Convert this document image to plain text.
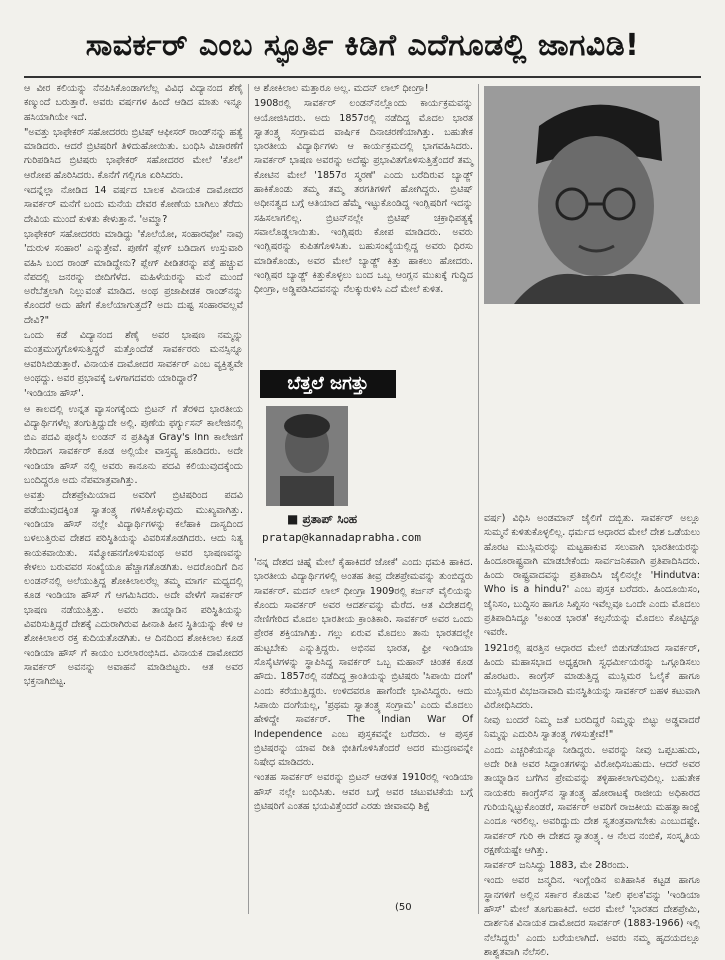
ಸಾವರ್ಕರ್ ಎಂಬ ಸ್ಫೂರ್ತಿ ಕಿಡಿಗೆ ಎದೆಗೂಡಲ್ಲಿ ಜಾಗವಿಡಿ!

ಆ ವೀರ ಕಲಿಯನ್ನು ನೆನಪಿಸಿಕೊಂಡಾಗಲೆಲ್ಲ ವಿವಿಧ ವಿದ್ಯಾನಂದ ಶೆಣೈ ಕಣ್ಮುಂದೆ ಬರುತ್ತಾರೆ. ಅವರು ವರ್ಷಗಳ ಹಿಂದೆ ಆಡಿದ ಮಾತು ಇನ್ನೂ ಹಸಿಯಾಗಿಯೇ ಇದೆ.

"ಅವತ್ತು ಭಾಫೇಕರ್ ಸಹೋದರರು ಬ್ರಿಟಿಷ್ ಆಫೀಸರ್ ರಾಂಡ್‌ನನ್ನು ಹತ್ಯೆ ಮಾಡಿದರು. ಆದರೆ ಬ್ರಿಟಿಷರಿಗೆ ತಿಳಿದುಹೋಯಿತು. ಬಂಧಿಸಿ ವಿಚಾರಣೆಗೆ ಗುರಿಪಡಿಸಿದ ಬ್ರಿಟಿಷರು ಭಾಫೇಕರ್ ಸಹೋದರರ ಮೇಲೆ 'ಕೊಲೆ' ಆರೋಪ ಹೊರಿಸಿದರು. ಕೊನೆಗೆ ಗಲ್ಲಿಗೂ ಏರಿಸಿದರು.

ಇದನ್ನೆಲ್ಲಾ ನೋಡಿದ 14 ವರ್ಷದ ಬಾಲಕ ವಿನಾಯಕ ದಾಮೋದರ ಸಾವರ್ಕರ್ ಮನೆಗೆ ಬಂದು ಮನೆಯ ದೇವರ ಕೋಣೆಯ ಬಾಗಿಲು ತೆರೆದು ದೇವಿಯ ಮುಂದೆ ಕುಳಿತು ಕೇಳುತ್ತಾನೆ. 'ಅಮ್ಮಾ?

ಭಾಫೇಕರ್ ಸಹೋದರರು ಮಾಡಿದ್ದು 'ಕೊಲೆಯೋ, ಸಂಹಾರವೋ' ನಾವು 'ದುರುಳ ಸಂಹಾರ' ಎನ್ನುತ್ತೇವೆ. ಪುಣೆಗೆ ಪ್ಲೇಗ್ ಬಡಿದಾಗ ಉಸ್ತುವಾರಿ ವಹಿಸಿ ಬಂದ ರಾಂಡ್ ಮಾಡಿದ್ದೇನು? ಪ್ಲೇಗ್ ಪೀಡಿತರನ್ನು ಪತ್ತೆ ಹಚ್ಚುವ ನೆಪದಲ್ಲಿ ಜನರನ್ನು ಬೀದಿಗೆಳೆದ. ಮಹಿಳೆಯರನ್ನು ಮನೆ ಮುಂದೆ ಅರೆಬೆತ್ತಲಾಗಿ ನಿಲ್ಲುವಂತೆ ಮಾಡಿದ. ಅಂಥ ಪ್ರಜಾಪೀಡಕ ರಾಂಡ್‌ನನ್ನು ಕೊಂದರೆ ಅದು ಹೇಗೆ ಕೊಲೆಯಾಗುತ್ತದೆ? ಅದು ದುಷ್ಟ ಸಂಹಾರವಲ್ಲವೆ ದೇವಿ?"

ಒಂದು ಕಡೆ ವಿದ್ಯಾನಂದ ಶೆಣೈ ಅವರ ಭಾಷಣ ನಮ್ಮನ್ನು ಮಂತ್ರಮುಗ್ಧಗೊಳಿಸುತ್ತಿದ್ದರೆ ಮತ್ತೊಂದೆಡೆ ಸಾವರ್ಕರರು ಮನಸ್ಸಿನ್ನೂ ಆವರಿಸಿಬಿಡುತ್ತಾರೆ. ವಿನಾಯಕ ದಾಮೋದರ ಸಾವರ್ಕರ್ ಎಂಬ ವ್ಯಕ್ತಿತ್ವವೇ ಅಂಥದ್ದು. ಅವರ ಪ್ರಭಾವಕ್ಕೆ ಒಳಗಾಗದವರು ಯಾರಿದ್ದಾರೆ?

'ಇಂಡಿಯಾ ಹೌಸ್'.

ಆ ಕಾಲದಲ್ಲಿ ಉನ್ನತ ವ್ಯಾಸಂಗಕ್ಕೆಂದು ಬ್ರಿಟನ್ ಗೆ ತೆರಳಿದ ಭಾರತೀಯ ವಿದ್ಯಾರ್ಥಿಗಳೆಲ್ಲ ತಂಗುತ್ತಿದ್ದುದೇ ಅಲ್ಲಿ. ಪುಣೆಯ ಫರ್ಗ್ಯುಸನ್ ಕಾಲೇಜಿನಲ್ಲಿ ಬಿಎ ಪದವಿ ಪೂರೈಸಿ ಲಂಡನ್ ನ ಪ್ರತಿಷ್ಠಿತ Gray's Inn ಕಾಲೇಜಿಗೆ ಸೇರಿದಾಗ ಸಾವರ್ಕರ್ ಕೂಡ ಅಲ್ಲಿಯೇ ವಾಸ್ತವ್ಯ ಹೂಡಿದರು. ಅದೇ ಇಂಡಿಯಾ ಹೌಸ್ ನಲ್ಲಿ ಅವರು ಕಾನೂನು ಪದವಿ ಕಲಿಯುವುದಕ್ಕೆಂದು ಬಂದಿದ್ದರೂ ಅದು ನೆಪಮಾತ್ರವಾಗಿತ್ತು.

ಅವತ್ತು ದೇಶಪ್ರೇಮಿಯಾದ ಅವರಿಗೆ ಬ್ರಿಟಿಷರಿಂದ ಪದವಿ ಪಡೆಯುವುದಕ್ಕಿಂತ ಸ್ವಾತಂತ್ರ್ಯ ಗಳಿಸಿಕೊಳ್ಳುವುದು ಮುಖ್ಯವಾಗಿತ್ತು. ಇಂಡಿಯಾ ಹೌಸ್ ನಲ್ಲೇ ವಿದ್ಯಾರ್ಥಿಗಳನ್ನು ಕಲೆಹಾಕಿ ದಾಸ್ಯದಿಂದ ಬಳಲುತ್ತಿರುವ ದೇಶದ ಪರಿಸ್ಥಿತಿಯನ್ನು ವಿವರಿಸತೊಡಗಿದರು. ಆದು ನಿತ್ಯ ಕಾಯಕವಾಯಿತು. ಸಮ್ಮೋಹನಗೊಳಿಸುವಂಥ ಅವರ ಭಾಷಣವನ್ನು ಕೇಳಲು ಬರುವವರ ಸಂಖ್ಯೆಯೂ ಹೆಚ್ಚಾಗತೊಡಗಿತು. ಅದರೊಂದಿಗೆ ದಿನ ಲಂಡನ್‌ನಲ್ಲಿ ಅಲೆಯುತ್ತಿದ್ದ ಶೋಕಿಲಾಲರೆಲ್ಲ ತಮ್ಮ ಮಾರ್ಗ ಮಧ್ಯದಲ್ಲಿ ಕೂಡ ಇಂಡಿಯಾ ಹೌಸ್ ಗೆ ಆಗಮಿಸಿದರು. ಅದೇ ವೇಳೆಗೆ ಸಾವರ್ಕರ್ ಭಾಷಣ ನಡೆಯುತ್ತಿತ್ತು. ಅವರು ತಾಯ್ನಾಡಿನ ಪರಿಸ್ಥಿತಿಯನ್ನು ವಿವರಿಸುತ್ತಿದ್ದರೆ ದೇಶಕ್ಕೆ ಎದುರಾಗಿರುವ ಹೀನಾತಿ ಹೀನ ಸ್ಥಿತಿಯನ್ನು ಕೇಳಿ ಆ ಶೋಕಿಲಾಲರ ರಕ್ತ ಕುದಿಯತೊಡಗಿತು. ಆ ದಿನದಿಂದ ಶೋಕಿಲಾಲ ಕೂಡ ಇಂಡಿಯಾ ಹೌಸ್ ಗೆ ಕಾಯಂ ಬರಲಾರಂಭಿಸಿದ. ವಿನಾಯಕ ದಾಮೋದರ ಸಾವರ್ಕರ್ ಅವನನ್ನು ಅವಾಹನೆ ಮಾಡಿಬಿಟ್ಟರು. ಆತ ಅವರ ಭಕ್ತನಾಗಿಬಿಟ್ಟ.

ಆ ಶೋಕಿಲಾಲ ಮತ್ತಾರೂ ಅಲ್ಲ. ಮದನ್ ಲಾಲ್ ಧೀಂಗ್ರಾ!

1908ರಲ್ಲಿ ಸಾವರ್ಕರ್ ಲಂಡನ್‌ನಲ್ಲೊಂದು ಕಾರ್ಯಕ್ರಮವನ್ನು ಆಯೋಜಿಸಿದರು. ಅದು 1857ರಲ್ಲಿ ನಡೆದಿದ್ದ ಮೊದಲ ಭಾರತ ಸ್ವಾತಂತ್ರ್ಯ ಸಂಗ್ರಾಮದ ವಾರ್ಷಿಕ ದಿನಾಚರಣೆಯಾಗಿತ್ತು. ಬಹುತೇಕ ಭಾರತೀಯ ವಿದ್ಯಾರ್ಥಿಗಳು ಆ ಕಾರ್ಯಕ್ರಮದಲ್ಲಿ ಭಾಗವಹಿಸಿದರು. ಸಾವರ್ಕರ್ ಭಾಷಣ ಅವರನ್ನು ಅದೆಷ್ಟು ಪ್ರಭಾವಿತಗೊಳಿಸುತ್ತಿತ್ತೆಂದರೆ ತಮ್ಮ ಕೋಟಿನ ಮೇಲೆ '1857ರ ಸ್ಮರಣೆ' ಎಂದು ಬರೆದಿರುವ ಬ್ಯಾಡ್ಜ್ ಹಾಕಿಕೊಂಡು ತಮ್ಮ ತಮ್ಮ ತರಗತಿಗಳಿಗೆ ಹೋಗಿದ್ದರು. ಬ್ರಿಟಿಷ್ ಅಧೀನತ್ವದ ಬಗ್ಗೆ ಆತಿಯಾದ ಹೆಮ್ಮೆ ಇಟ್ಟುಕೊಂಡಿದ್ದ ಇಂಗ್ಲಿಷರಿಗೆ ಇದನ್ನು ಸಹಿಸಲಾಗಲಿಲ್ಲ. ಬ್ರಿಟನ್‌ನಲ್ಲೇ ಬ್ರಿಟಿಷ್ ಚಕ್ರಾಧಿಪತ್ಯಕ್ಕೆ ಸವಾಲೊಡ್ಡಲಾಯಿತು. ಇಂಗ್ಲಿಷರು ಕೋಪ ಮಾಡಿದರು. ಅವರು ಇಂಗ್ಲಿಷರನ್ನು ಕುಪಿತಗೊಳಿಸಿತು. ಬಹುಸಂಖ್ಯೆಯಲ್ಲಿದ್ದ ಅವರು ಧಿರಸು ಮಾಡಿಕೊಂಡು, ಅವರ ಮೇಲೆ ಬ್ಯಾಡ್ಜ್ ಕಿತ್ತು ಹಾಕಲು ಹೋದರು. ಇಂಗ್ಲಿಷರ ಬ್ಯಾಡ್ಜ್ ಕಿತ್ತುಕೊಳ್ಳಲು ಬಂದ ಒಬ್ಬ ಆಂಗ್ಲನ ಮುಖಕ್ಕೆ ಗುದ್ದಿದ ಧೀಂಗ್ರಾ, ಅಡ್ಡಿಪಡಿಸಿದವನನ್ನು ನೆಲಕ್ಕುರುಳಿಸಿ ಎದೆ ಮೇಲೆ ಕುಳಿತ.

ಬೆತ್ತಲೆ ಜಗತ್ತು
■ ಪ್ರತಾಪ್ ಸಿಂಹ
pratap@kannadaprabha.com

'ನನ್ನ ದೇಶದ ಚಿಹ್ನೆ ಮೇಲೆ ಕೈಹಾಕಿದರೆ ಜೋಕೆ' ಎಂದು ಧಮಕಿ ಹಾಕಿದ. ಭಾರತೀಯ ವಿದ್ಯಾರ್ಥಿಗಳಲ್ಲಿ ಅಂತಹ ತೀವ್ರ ದೇಶಪ್ರೇಮವನ್ನು ತುಂಬಿದ್ದರು ಸಾವರ್ಕರ್. ಮದನ್ ಲಾಲ್ ಧೀಂಗ್ರಾ 1909ರಲ್ಲಿ ಕರ್ಜನ್ ವೈಲಿಯನ್ನು ಕೊಂದು ಸಾವರ್ಕರ್ ಅವರ ಆದರ್ಶವನ್ನು ಮೆರೆದ. ಆತ ವಿದೇಶದಲ್ಲಿ ನೇಣಿಗೇರಿದ ಮೊದಲ ಭಾರತೀಯ ಕ್ರಾಂತಿಕಾರಿ. ಸಾವರ್ಕರ್ ಅವರ ಒಂದು ಪ್ರೇರಕ ಶಕ್ತಿಯಾಗಿತ್ತು. ಗಲ್ಲು ಏರುವ ಮೊದಲು ತಾನು ಭಾರತದಲ್ಲೇ ಹುಟ್ಟಬೇಕು ಎನ್ನುತ್ತಿದ್ದರು. ಅಭಿನವ ಭಾರತ, ಫ್ರೀ ಇಂಡಿಯಾ ಸೊಸೈಟಿಗಳನ್ನು ಸ್ಥಾಪಿಸಿದ್ದ ಸಾವರ್ಕರ್ ಒಬ್ಬ ಮಹಾನ್ ಚಿಂತಕ ಕೂಡ ಹೌದು. 1857ರಲ್ಲಿ ನಡೆದಿದ್ದ ಕ್ರಾಂತಿಯನ್ನು ಬ್ರಿಟಿಷರು 'ಸಿಪಾಯಿ ದಂಗೆ' ಎಂದು ಕರೆಯುತ್ತಿದ್ದರು. ಉಳಿದವರೂ ಹಾಗೆಂದೇ ಭಾವಿಸಿದ್ದರು. ಆದು ಸಿಪಾಯಿ ದಂಗೆಯಲ್ಲ, 'ಪ್ರಥಮ ಸ್ವಾತಂತ್ರ್ಯ ಸಂಗ್ರಾಮ' ಎಂದು ಮೊದಲು ಹೇಳಿದ್ದೇ ಸಾವರ್ಕರ್. The Indian War Of Independence ಎಂಬ ಪುಸ್ತಕವನ್ನೇ ಬರೆದರು. ಆ ಪುಸ್ತಕ ಬ್ರಿಟಿಷರನ್ನು ಯಾವ ರೀತಿ ಭೀತಿಗೊಳಿಸಿತೆಂದರೆ ಅದರ ಮುದ್ರಣವನ್ನೇ ನಿಷೇಧ ಮಾಡಿದರು.

ಇಂತಹ ಸಾವರ್ಕರ್ ಅವರನ್ನು ಬ್ರಿಟನ್ ಆಡಳಿತ 1910ರಲ್ಲಿ ಇಂಡಿಯಾ ಹೌಸ್ ನಲ್ಲೇ ಬಂಧಿಸಿತು. ಆವರ ಬಗ್ಗೆ ಅವರ ಚಟುವಟಿಕೆಯ ಬಗ್ಗೆ ಬ್ರಿಟಿಷರಿಗೆ ಎಂತಹ ಭಯವಿತ್ತೆಂದರೆ ಎರಡು ಜೀವಾವಧಿ ಶಿಕ್ಷೆ

(50

ವರ್ಷ) ವಿಧಿಸಿ ಅಂಡಮಾನ್ ಜೈಲಿಗೆ ದಬ್ಬಿತು. ಸಾವರ್ಕರ್ ಅಲ್ಲೂ ಸುಮ್ಮನೆ ಕುಳಿತುಕೊಳ್ಳಲಿಲ್ಲ. ಧರ್ಮದ ಆಧಾರದ ಮೇಲೆ ದೇಶ ಒಡೆಯಲು ಹೊರಟ ಮುಸ್ಲಿಮರನ್ನು ಮಟ್ಟಹಾಕುವ ಸಲುವಾಗಿ ಭಾರತೀಯರನ್ನು ಹಿಂದೂರಾಷ್ಟ್ರವಾಗಿ ಮಾಡಬೇಕೆಂದು ಸಾರ್ವಜನಿಕವಾಗಿ ಪ್ರತಿಪಾದಿಸಿದರು. ಹಿಂದು ರಾಷ್ಟ್ರವಾದವನ್ನು ಪ್ರತಿಪಾದಿಸಿ ಜೈಲಿನಲ್ಲೇ 'Hindutva: Who is a hindu?' ಎಂಬ ಪುಸ್ತಕ ಬರೆದರು. ಹಿಂದೂಯಿಸಂ, ಜೈನಿಸಂ, ಬುದ್ಧಿಸಂ ಹಾಗೂ ಸಿಖ್ಖಿಸಂ ಇವೆಲ್ಲವೂ ಒಂದೇ ಎಂದು ಮೊದಲು ಪ್ರತಿಪಾದಿಸಿದ್ದೂ 'ಅಖಂಡ ಭಾರತ' ಕಲ್ಪನೆಯನ್ನು ಮೊದಲು ಕೊಟ್ಟಿದ್ದೂ ಇವರೇ.

1921ರಲ್ಲಿ ಷರತ್ತಿನ ಆಧಾರದ ಮೇಲೆ ಬಿಡುಗಡೆಯಾದ ಸಾವರ್ಕರ್, ಹಿಂದು ಮಹಾಸಭಾದ ಅಧ್ಯಕ್ಷರಾಗಿ ಸ್ವಧರ್ಮೀಯರನ್ನು ಒಗ್ಗೂಡಿಸಲು ಹೊರಟರು. ಕಾಂಗ್ರೆಸ್ ಮಾಡುತ್ತಿದ್ದ ಮುಸ್ಲಿಮರ ಓಲೈಕೆ ಹಾಗೂ ಮುಸ್ಲಿಮರ ವಿಭಜನಾವಾದಿ ಮನಸ್ಥಿತಿಯನ್ನು ಸಾವರ್ಕರ್ ಬಹಳ ಕಟುವಾಗಿ ವಿರೋಧಿಸಿದರು.

ನೀವು ಬಂದರೆ ನಿಮ್ಮ ಜತೆ ಬರದಿದ್ದರೆ ನಿಮ್ಮನ್ನು ಬಿಟ್ಟು ಅಡ್ಡವಾದರೆ ನಿಮ್ಮನ್ನು ಎದುರಿಸಿ ಸ್ವಾತಂತ್ರ್ಯ ಗಳಿಸುತ್ತೇವೆ!"

ಎಂದು ಎಚ್ಚರಿಕೆಯನ್ನೂ ನೀಡಿದ್ದರು. ಅವರನ್ನು ನೀವು ಒಪ್ಪಬಹುದು, ಅದೇ ರೀತಿ ಅವರ ಸಿದ್ಧಾಂತಗಳನ್ನು ವಿರೋಧಿಸಬಹುದು. ಆದರೆ ಅವರ ತಾಯ್ನಾಡಿನ ಬಗೆಗಿನ ಪ್ರೇಮವನ್ನು ತಳ್ಳಿಹಾಕಲಾಗುವುದಿಲ್ಲ. ಬಹುತೇಕ ನಾಯಕರು ಕಾಂಗ್ರೆಸ್‌ನ ಸ್ವಾತಂತ್ರ್ಯ ಹೋರಾಟಕ್ಕೆ ರಾಜೀಯ ಅಧಿಕಾರದ ಗುರಿಯನ್ನಿಟ್ಟುಕೊಂಡರೆ, ಸಾವರ್ಕರ್ ಅವರಿಗೆ ರಾಜಕೀಯ ಮಹತ್ವಾಕಾಂಕ್ಷೆ ಎಂದೂ ಇರಲಿಲ್ಲ. ಅವರಿದ್ದುದು ದೇಶ ಸ್ವತಂತ್ರವಾಗಬೇಕು ಎಂಬುದಷ್ಟೇ. ಸಾವರ್ಕರ್ ಗುರಿ ಈ ದೇಶದ ಸ್ವಾತಂತ್ರ್ಯ. ಆ ನೆಲದ ನಂಬಿಕೆ, ಸಂಸ್ಕೃತಿಯ ರಕ್ಷಣೆಯಷ್ಟೇ ಆಗಿತ್ತು.

ಸಾವರ್ಕರ್ ಜನಿಸಿದ್ದು 1883, ಮೇ 28ರಂದು.

ಇಂದು ಅವರ ಜನ್ಮದಿನ. ಇಂಗ್ಲೆಂಡಿನ ಐತಿಹಾಸಿಕ ಕಟ್ಟಡ ಹಾಗೂ ಸ್ಥಾನಗಳಿಗೆ ಅಲ್ಲಿನ ಸರ್ಕಾರ ಕೊಡುವ 'ನೀಲಿ ಫಲಕ'ವನ್ನು 'ಇಂಡಿಯಾ ಹೌಸ್' ಮೇಲೆ ತೂಗುಹಾಕಿದೆ. ಅದರ ಮೇಲೆ 'ಭಾರತದ ದೇಶಪ್ರೇಮಿ, ದಾರ್ಶನಿಕ ವಿನಾಯಕ ದಾಮೋದರ ಸಾವರ್ಕರ್ (1883-1966) ಇಲ್ಲಿ ನೆಲೆಸಿದ್ದರು' ಎಂದು ಬರೆಯಲಾಗಿದೆ. ಅವರು ನಮ್ಮ ಹೃದಯದಲ್ಲೂ ಶಾಶ್ವತವಾಗಿ ನೆಲೆಸಲಿ.
